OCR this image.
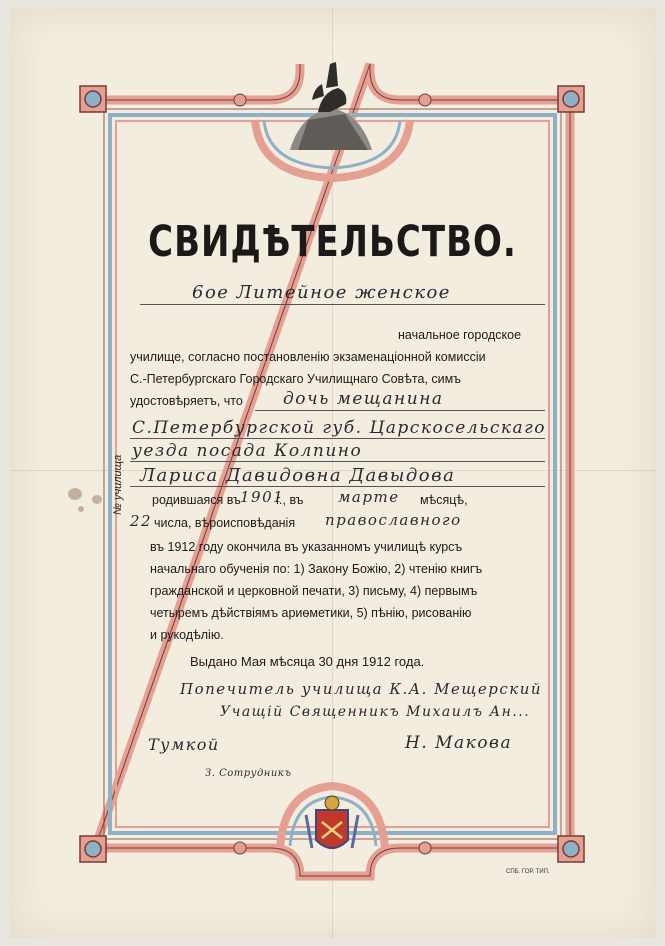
СВИДѢТЕЛЬСТВО.
6ое Литейное женское
начальное городское
училище, согласно постановленію экзаменаціонной комиссіи
С.-Петербургскаго Городскаго Училищнаго Совѣта, симъ
удостовѣряетъ, что дочь мещанина
С.Петербургской губ. Царскосельскаго
уезда посада Колпино
Лариса Давидовна Давыдова
№ училища родившаяся въ 1901
г., въ марте мѣсяцѣ,
22 числа, вѣроисповѣданія православного
въ 1912 году окончила въ указанномъ училищѣ курсъ
начальнаго обученія по: 1) Закону Божію, 2) чтенію книгъ
гражданской и церковной печати, 3) письму, 4) первымъ
четыремъ дѣйствіямъ ариѳметики, 5) пѣнію, рисованію
и рукодѣлію.
Выдано Мая мѣсяца 30 дня 1912 года.
Попечитель училища К.А. Мещерский
Учащій Священникъ Михаилъ Ан...
Тумкой	Н. Макова
З. Сотрудникъ
СПБ. ГОР. ТИП.
